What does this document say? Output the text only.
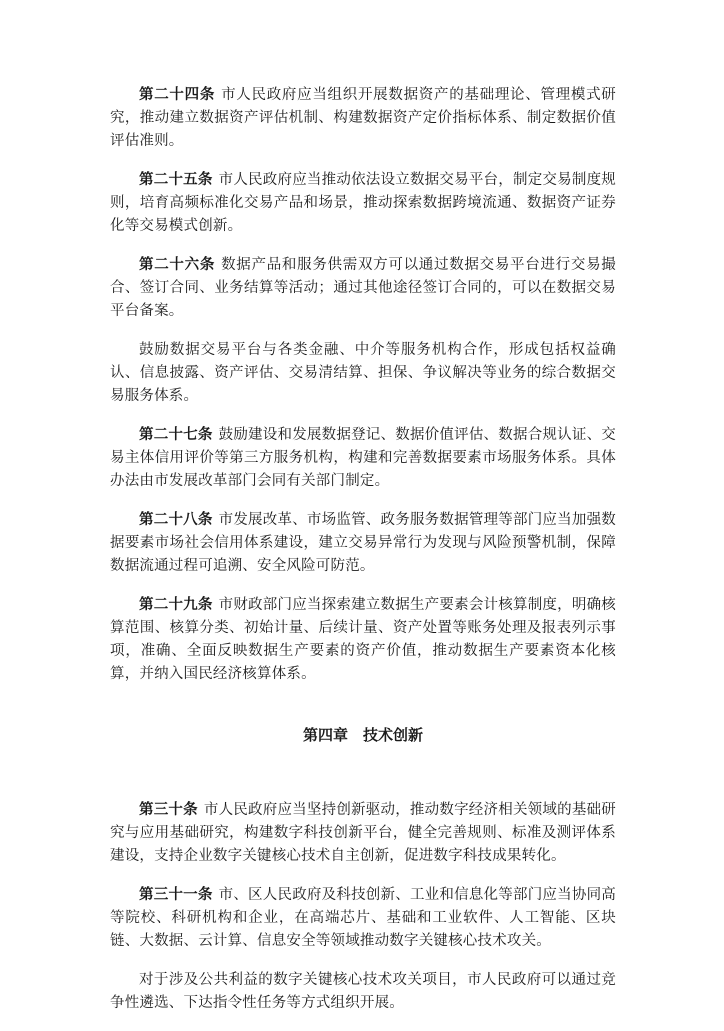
第二十四条 市人民政府应当组织开展数据资产的基础理论、管理模式研究，推动建立数据资产评估机制、构建数据资产定价指标体系、制定数据价值评估准则。

第二十五条 市人民政府应当推动依法设立数据交易平台，制定交易制度规则，培育高频标准化交易产品和场景，推动探索数据跨境流通、数据资产证券化等交易模式创新。

第二十六条 数据产品和服务供需双方可以通过数据交易平台进行交易撮合、签订合同、业务结算等活动；通过其他途径签订合同的，可以在数据交易平台备案。

鼓励数据交易平台与各类金融、中介等服务机构合作，形成包括权益确认、信息披露、资产评估、交易清结算、担保、争议解决等业务的综合数据交易服务体系。

第二十七条 鼓励建设和发展数据登记、数据价值评估、数据合规认证、交易主体信用评价等第三方服务机构，构建和完善数据要素市场服务体系。具体办法由市发展改革部门会同有关部门制定。

第二十八条 市发展改革、市场监管、政务服务数据管理等部门应当加强数据要素市场社会信用体系建设，建立交易异常行为发现与风险预警机制，保障数据流通过程可追溯、安全风险可防范。

第二十九条 市财政部门应当探索建立数据生产要素会计核算制度，明确核算范围、核算分类、初始计量、后续计量、资产处置等账务处理及报表列示事项，准确、全面反映数据生产要素的资产价值，推动数据生产要素资本化核算，并纳入国民经济核算体系。

第四章　技术创新

第三十条 市人民政府应当坚持创新驱动，推动数字经济相关领域的基础研究与应用基础研究，构建数字科技创新平台，健全完善规则、标准及测评体系建设，支持企业数字关键核心技术自主创新，促进数字科技成果转化。

第三十一条 市、区人民政府及科技创新、工业和信息化等部门应当协同高等院校、科研机构和企业，在高端芯片、基础和工业软件、人工智能、区块链、大数据、云计算、信息安全等领域推动数字关键核心技术攻关。

对于涉及公共利益的数字关键核心技术攻关项目，市人民政府可以通过竞争性遴选、下达指令性任务等方式组织开展。
